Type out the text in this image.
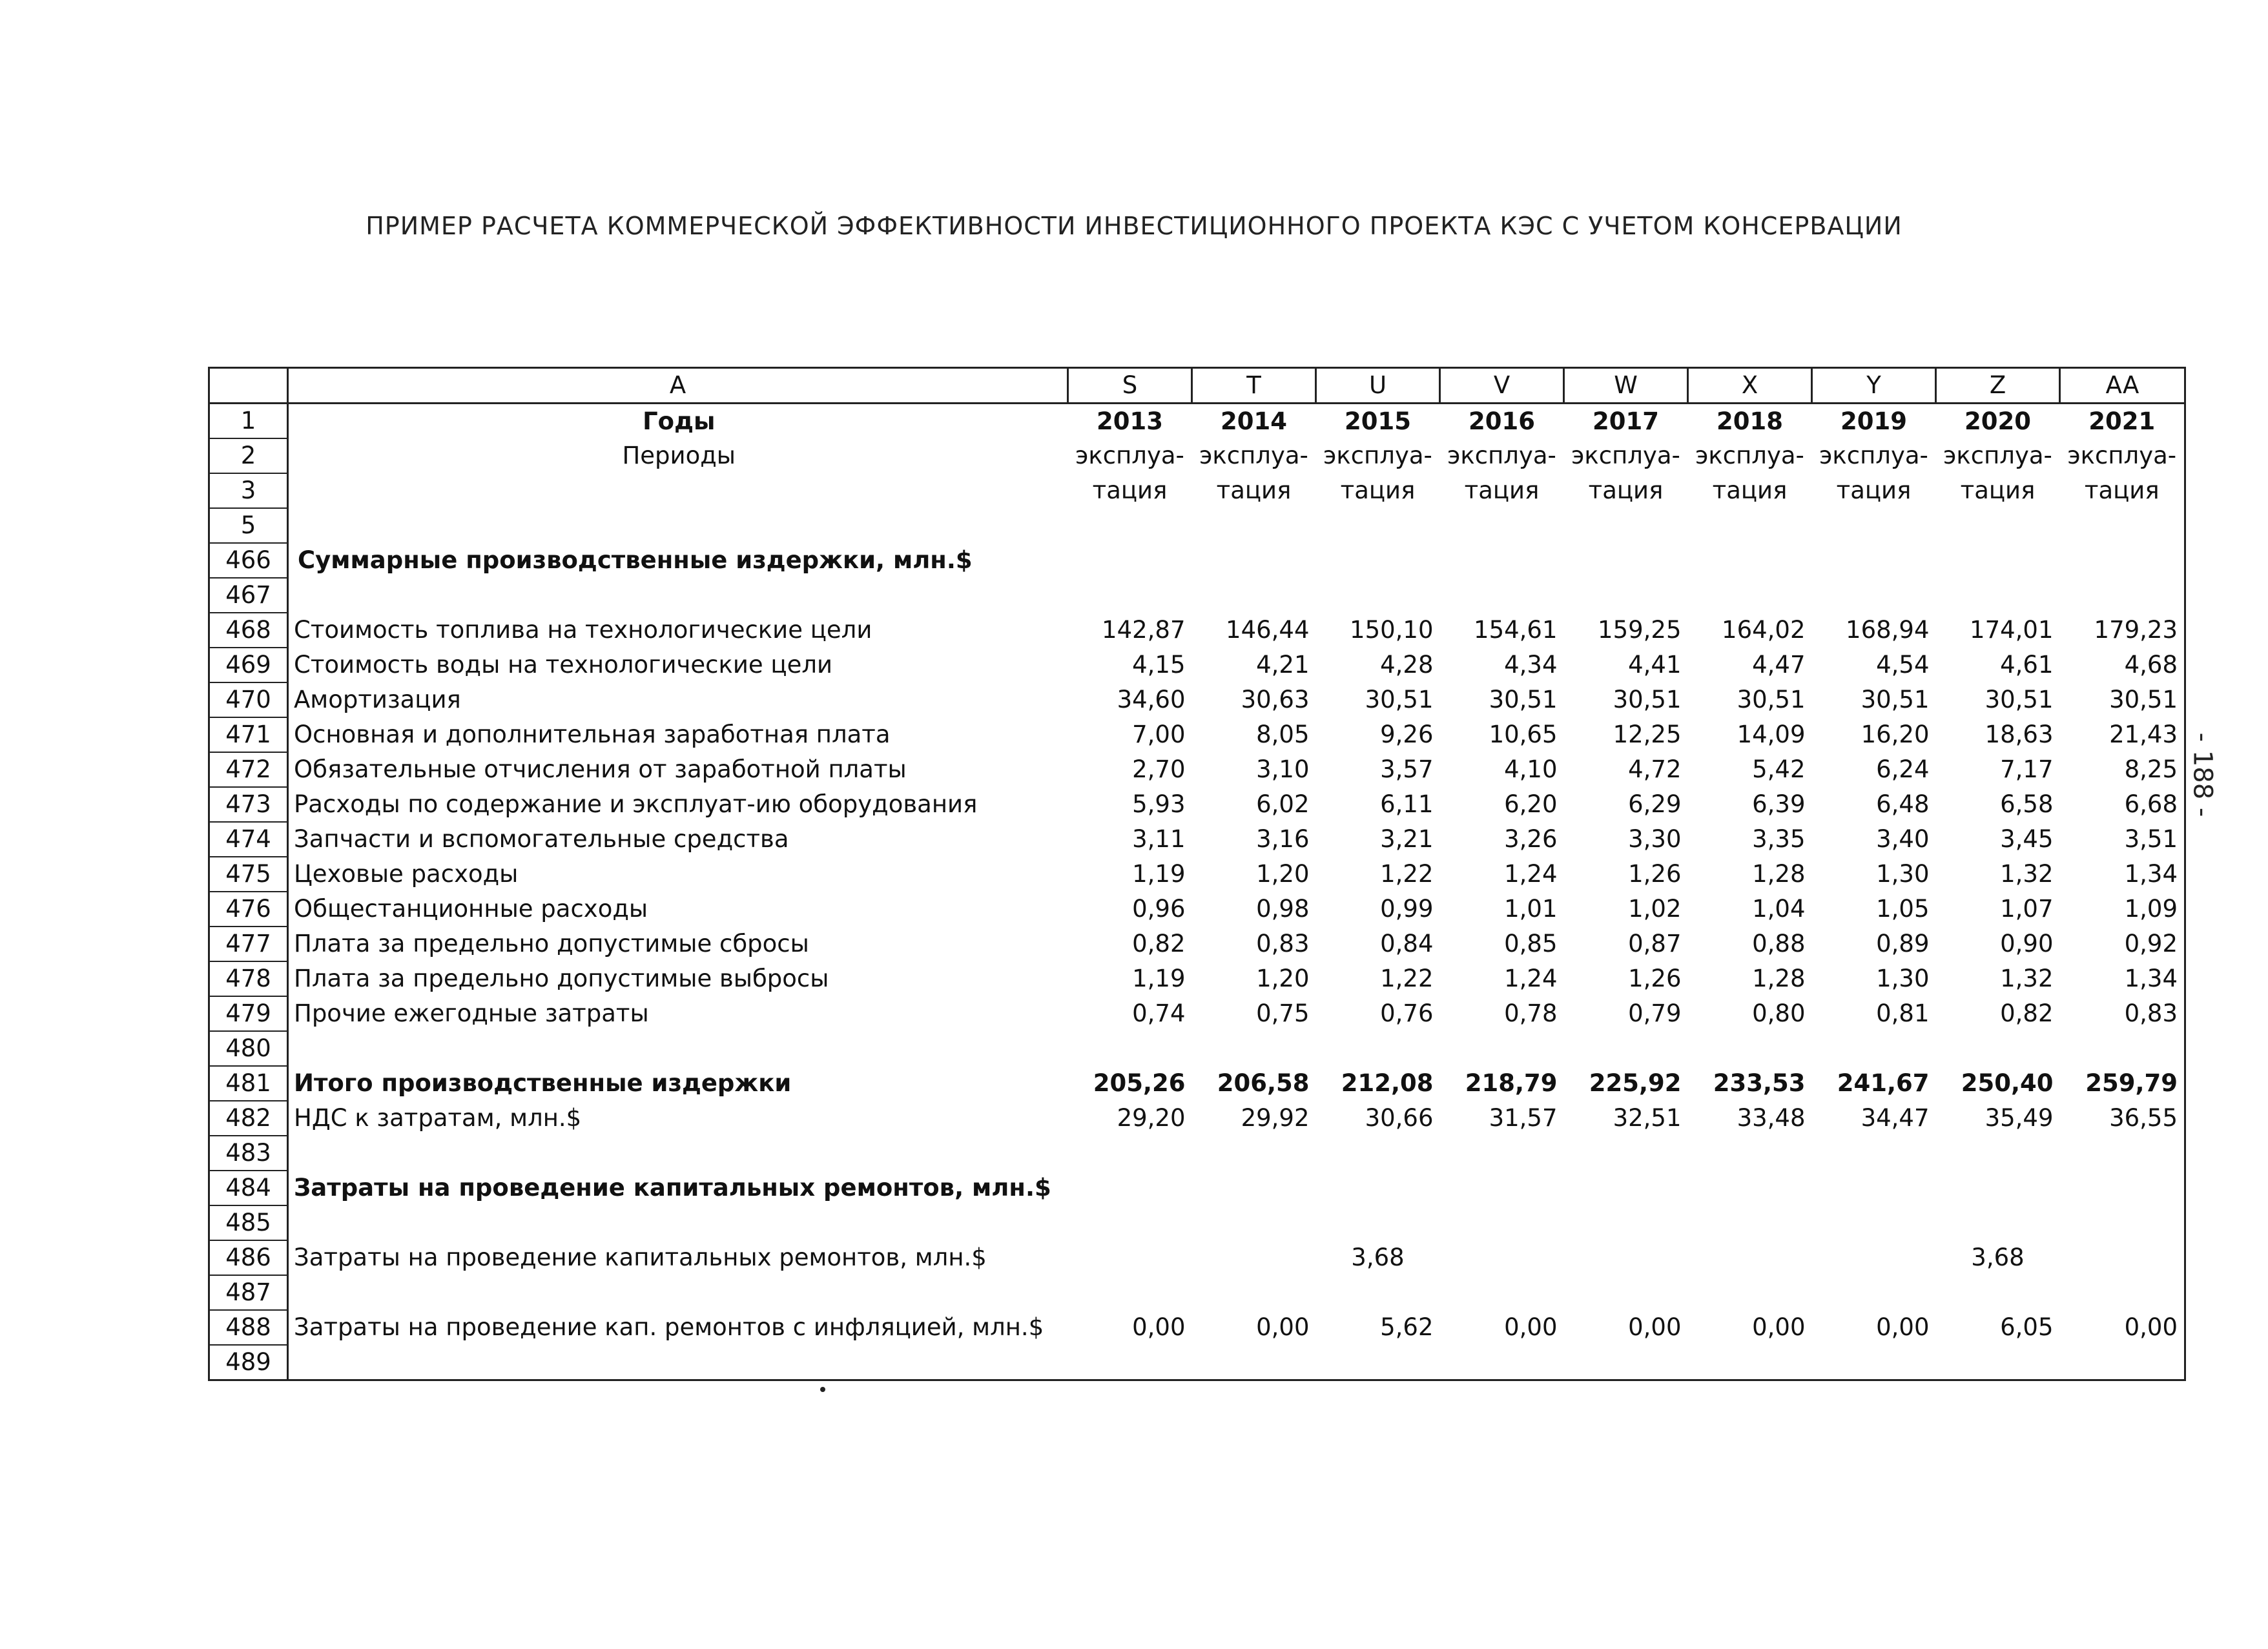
ПРИМЕР РАСЧЕТА КОММЕРЧЕСКОЙ ЭФФЕКТИВНОСТИ ИНВЕСТИЦИОННОГО ПРОЕКТА КЭС С УЧЕТОМ КОНСЕРВАЦИИ
- 188 -
	A	S	T	U	V	W	X	Y	Z	AA
1	Годы	2013	2014	2015	2016	2017	2018	2019	2020	2021
2	Периоды	эксплуа-	эксплуа-	эксплуа-	эксплуа-	эксплуа-	эксплуа-	эксплуа-	эксплуа-	эксплуа-
3		тация	тация	тация	тация	тация	тация	тация	тация	тация
5										
466	Суммарные производственные издержки, млн.$									
467										
468	Стоимость топлива на технологические цели	142,87	146,44	150,10	154,61	159,25	164,02	168,94	174,01	179,23
469	Стоимость воды на технологические цели	4,15	4,21	4,28	4,34	4,41	4,47	4,54	4,61	4,68
470	Амортизация	34,60	30,63	30,51	30,51	30,51	30,51	30,51	30,51	30,51
471	Основная и дополнительная заработная плата	7,00	8,05	9,26	10,65	12,25	14,09	16,20	18,63	21,43
472	Обязательные отчисления от заработной платы	2,70	3,10	3,57	4,10	4,72	5,42	6,24	7,17	8,25
473	Расходы по содержание и эксплуат-ию оборудования	5,93	6,02	6,11	6,20	6,29	6,39	6,48	6,58	6,68
474	Запчасти и вспомогательные средства	3,11	3,16	3,21	3,26	3,30	3,35	3,40	3,45	3,51
475	Цеховые расходы	1,19	1,20	1,22	1,24	1,26	1,28	1,30	1,32	1,34
476	Общестанционные расходы	0,96	0,98	0,99	1,01	1,02	1,04	1,05	1,07	1,09
477	Плата за предельно допустимые сбросы	0,82	0,83	0,84	0,85	0,87	0,88	0,89	0,90	0,92
478	Плата за предельно допустимые выбросы	1,19	1,20	1,22	1,24	1,26	1,28	1,30	1,32	1,34
479	Прочие ежегодные затраты	0,74	0,75	0,76	0,78	0,79	0,80	0,81	0,82	0,83
480										
481	Итого производственные издержки	205,26	206,58	212,08	218,79	225,92	233,53	241,67	250,40	259,79
482	НДС к затратам, млн.$	29,20	29,92	30,66	31,57	32,51	33,48	34,47	35,49	36,55
483										
484	Затраты на проведение капитальных ремонтов, млн.$									
485										
486	Затраты на проведение капитальных ремонтов, млн.$			3,68					3,68	
487										
488	Затраты на проведение кап. ремонтов с инфляцией, млн.$	0,00	0,00	5,62	0,00	0,00	0,00	0,00	6,05	0,00
489										
